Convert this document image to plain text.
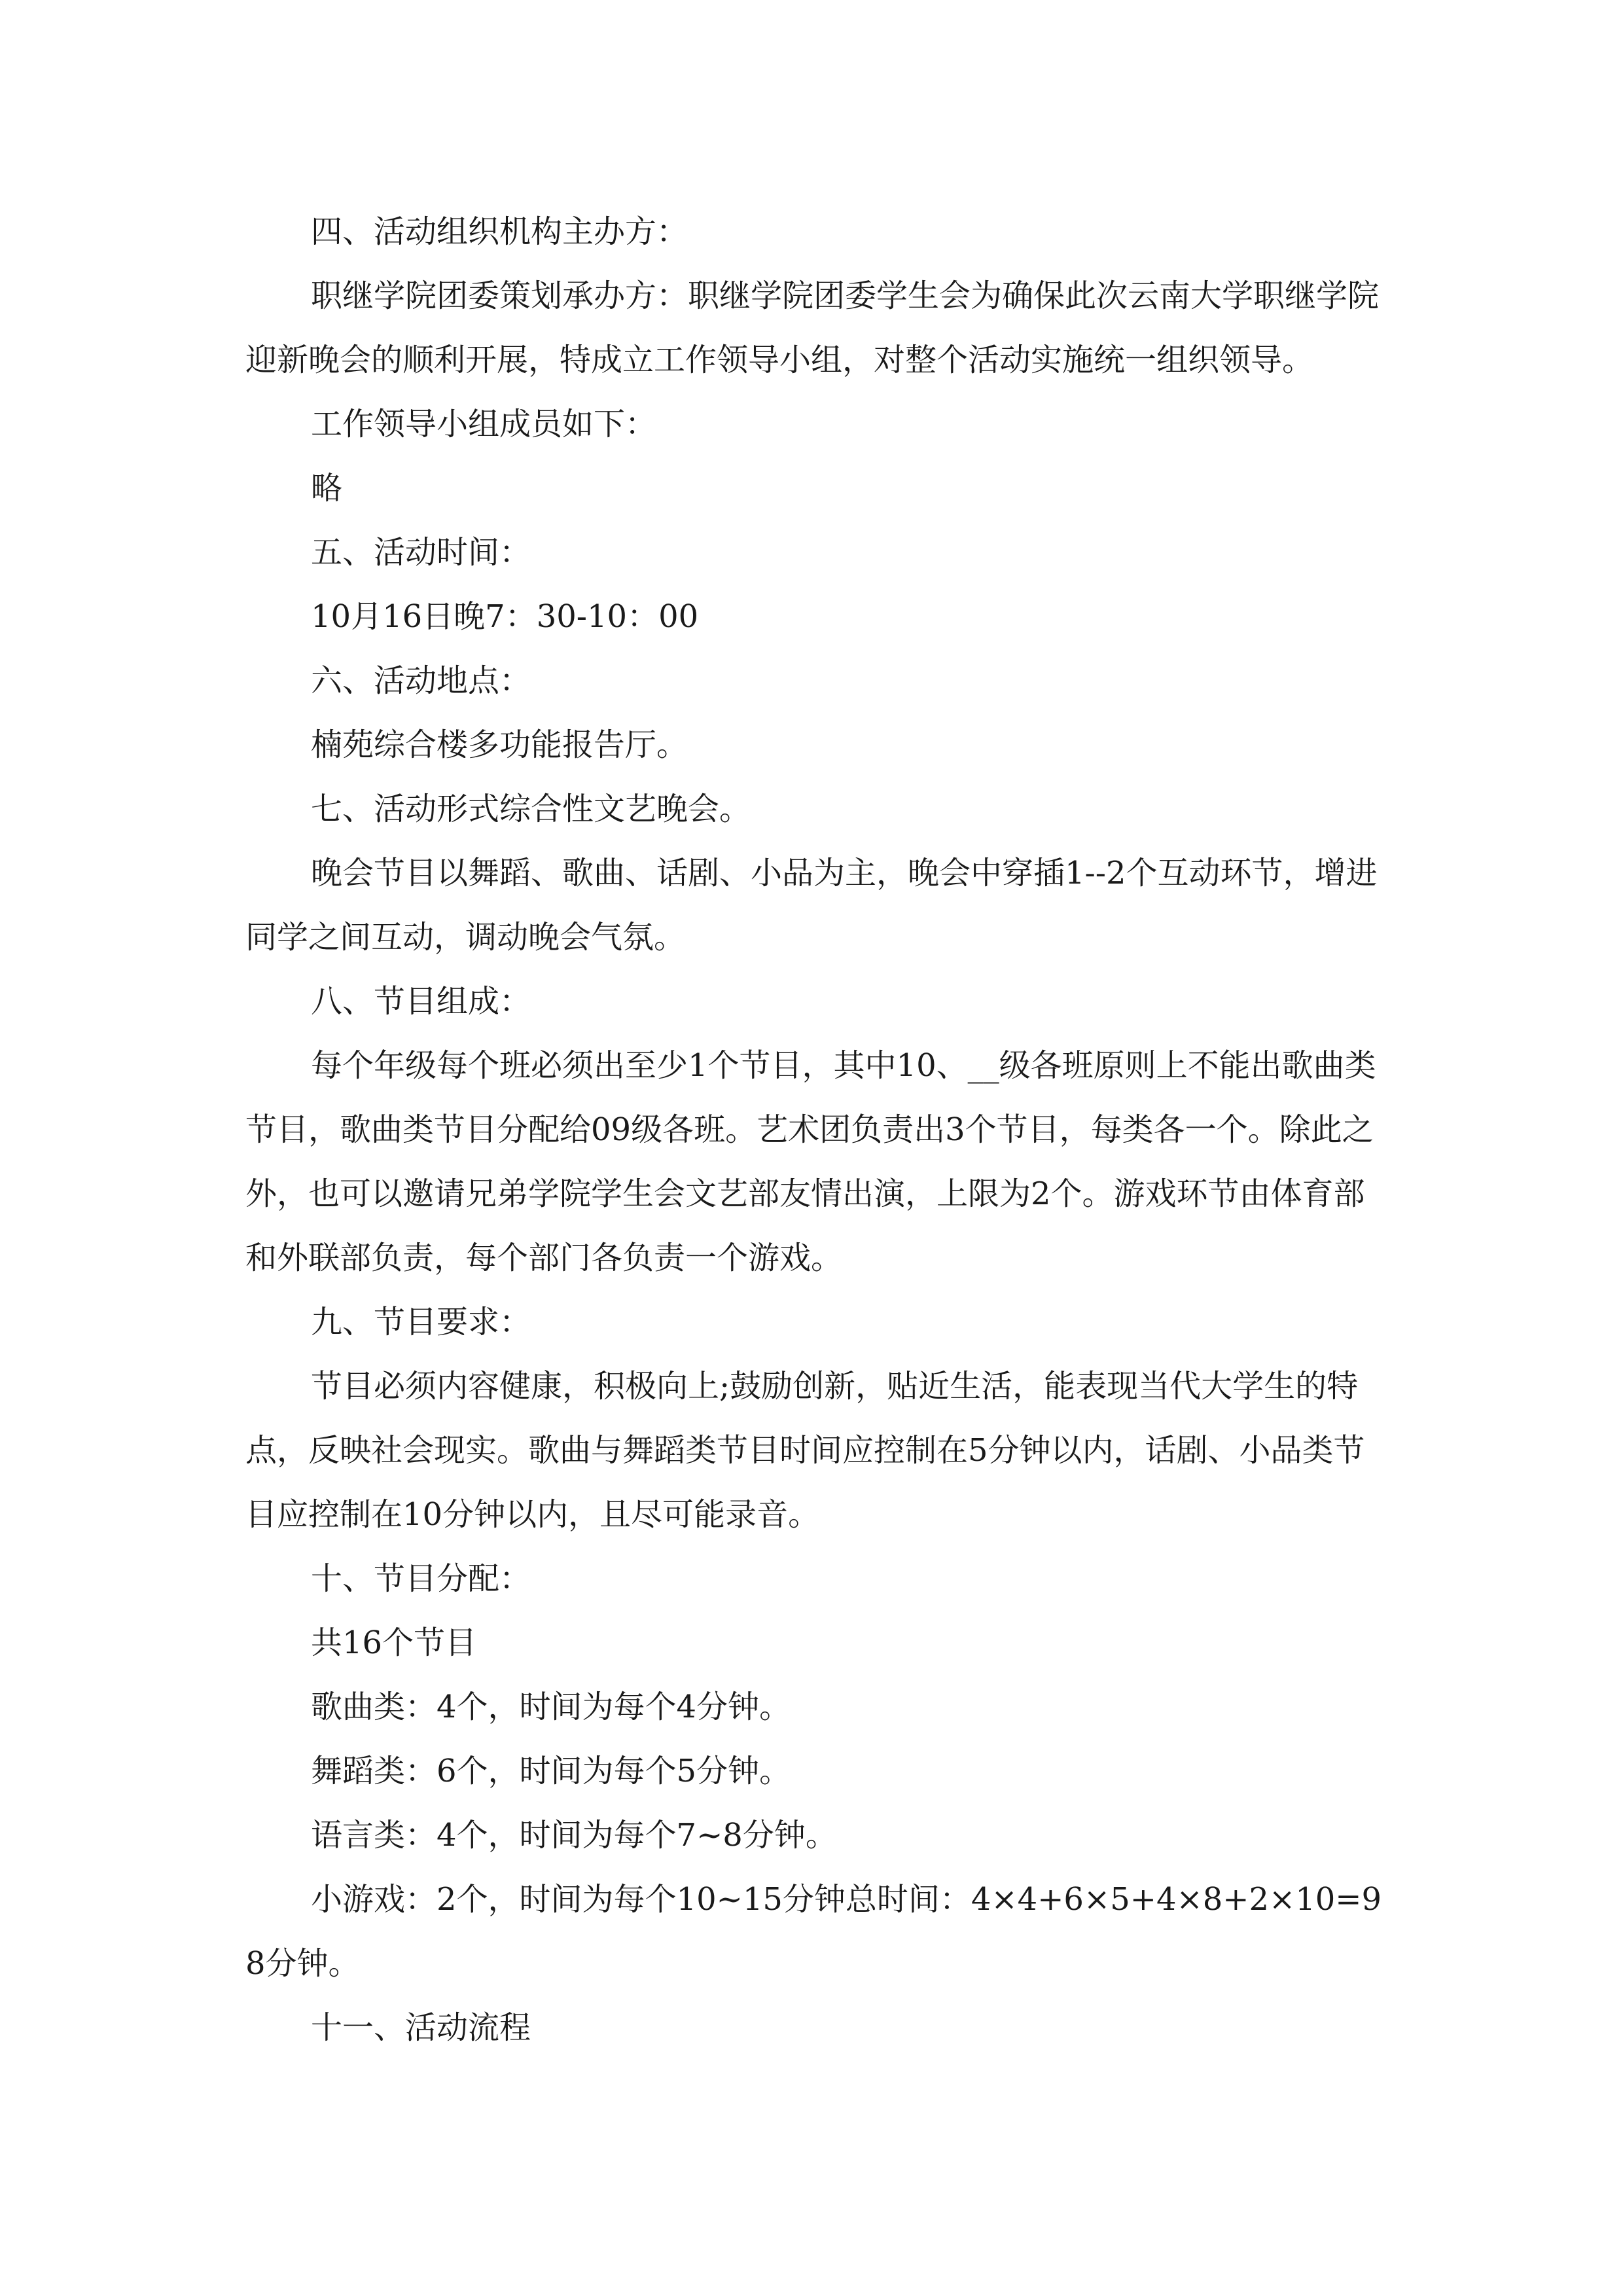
四、活动组织机构主办方：

职继学院团委策划承办方：职继学院团委学生会为确保此次云南大学职继学院迎新晚会的顺利开展，特成立工作领导小组，对整个活动实施统一组织领导。

工作领导小组成员如下：

略

五、活动时间：

10月16日晚7：30-10：00

六、活动地点：

楠苑综合楼多功能报告厅。

七、活动形式综合性文艺晚会。

晚会节目以舞蹈、歌曲、话剧、小品为主，晚会中穿插1--2个互动环节，增进同学之间互动，调动晚会气氛。

八、节目组成：

每个年级每个班必须出至少1个节目，其中10、__级各班原则上不能出歌曲类节目，歌曲类节目分配给09级各班。艺术团负责出3个节目，每类各一个。除此之外，也可以邀请兄弟学院学生会文艺部友情出演，上限为2个。游戏环节由体育部和外联部负责，每个部门各负责一个游戏。

九、节目要求：

节目必须内容健康，积极向上;鼓励创新，贴近生活，能表现当代大学生的特点，反映社会现实。歌曲与舞蹈类节目时间应控制在5分钟以内，话剧、小品类节目应控制在10分钟以内，且尽可能录音。

十、节目分配：

共16个节目

歌曲类：4个，时间为每个4分钟。

舞蹈类：6个，时间为每个5分钟。

语言类：4个，时间为每个7~8分钟。

小游戏：2个，时间为每个10~15分钟总时间：4×4+6×5+4×8+2×10=98分钟。

十一、活动流程
